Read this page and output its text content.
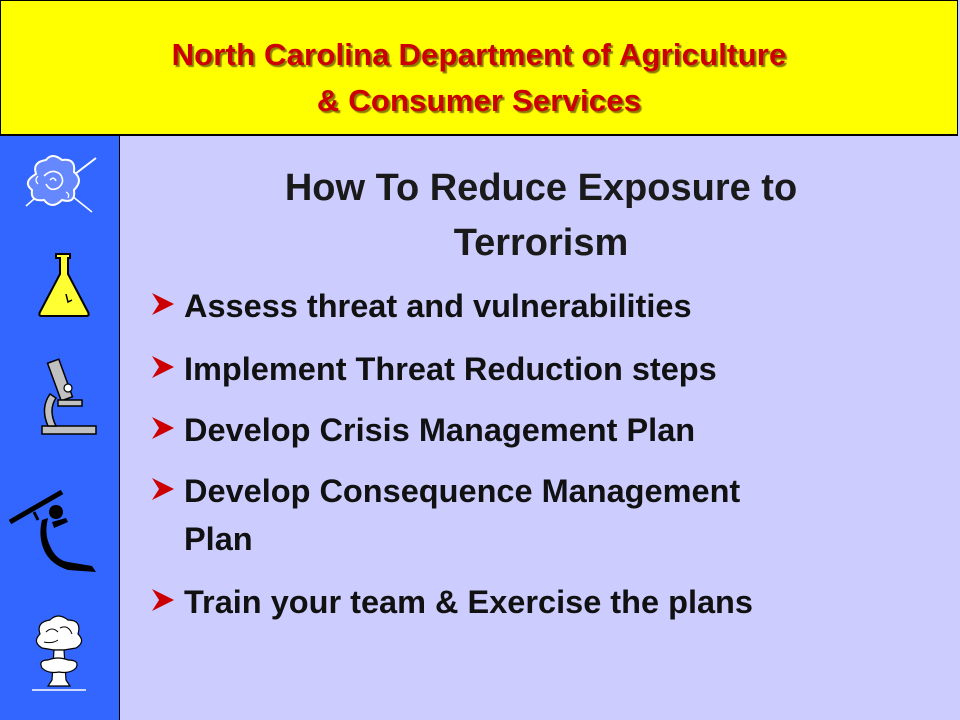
North Carolina Department of Agriculture
& Consumer Services
How To Reduce Exposure to
Terrorism
Assess threat and vulnerabilities
Implement Threat Reduction steps
Develop Crisis Management Plan
Develop Consequence Management
Plan
Train your team & Exercise the plans
